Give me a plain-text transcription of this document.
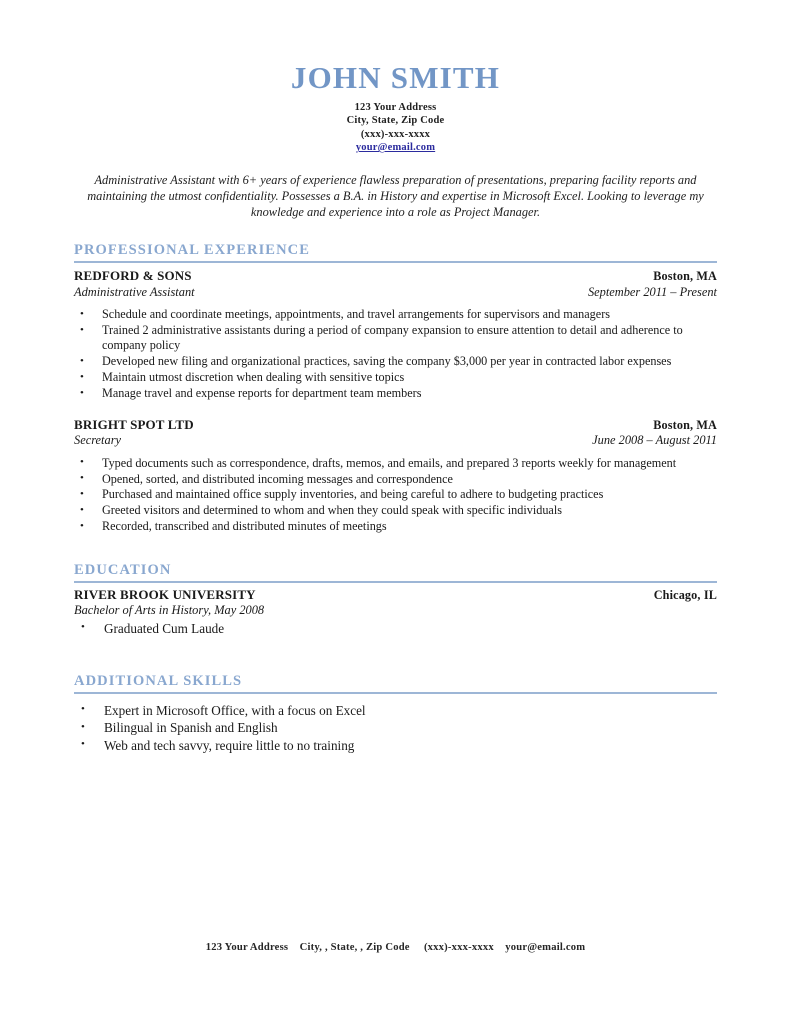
JOHN SMITH
123 Your Address
City, State, Zip Code
(xxx)-xxx-xxxx
your@email.com
Administrative Assistant with 6+ years of experience flawless preparation of presentations, preparing facility reports and maintaining the utmost confidentiality. Possesses a B.A. in History and expertise in Microsoft Excel. Looking to leverage my knowledge and experience into a role as Project Manager.
PROFESSIONAL EXPERIENCE
REDFORD & SONS	Boston, MA
Administrative Assistant	September 2011 – Present
• Schedule and coordinate meetings, appointments, and travel arrangements for supervisors and managers
• Trained 2 administrative assistants during a period of company expansion to ensure attention to detail and adherence to company policy
• Developed new filing and organizational practices, saving the company $3,000 per year in contracted labor expenses
• Maintain utmost discretion when dealing with sensitive topics
• Manage travel and expense reports for department team members
BRIGHT SPOT LTD	Boston, MA
Secretary	June 2008 – August 2011
• Typed documents such as correspondence, drafts, memos, and emails, and prepared 3 reports weekly for management
• Opened, sorted, and distributed incoming messages and correspondence
• Purchased and maintained office supply inventories, and being careful to adhere to budgeting practices
• Greeted visitors and determined to whom and when they could speak with specific individuals
• Recorded, transcribed and distributed minutes of meetings
EDUCATION
RIVER BROOK UNIVERSITY	Chicago, IL
Bachelor of Arts in History, May 2008
• Graduated Cum Laude
ADDITIONAL SKILLS
• Expert in Microsoft Office, with a focus on Excel
• Bilingual in Spanish and English
• Web and tech savvy, require little to no training
123 Your Address City, , State, , Zip Code (xxx)-xxx-xxxx your@email.com
